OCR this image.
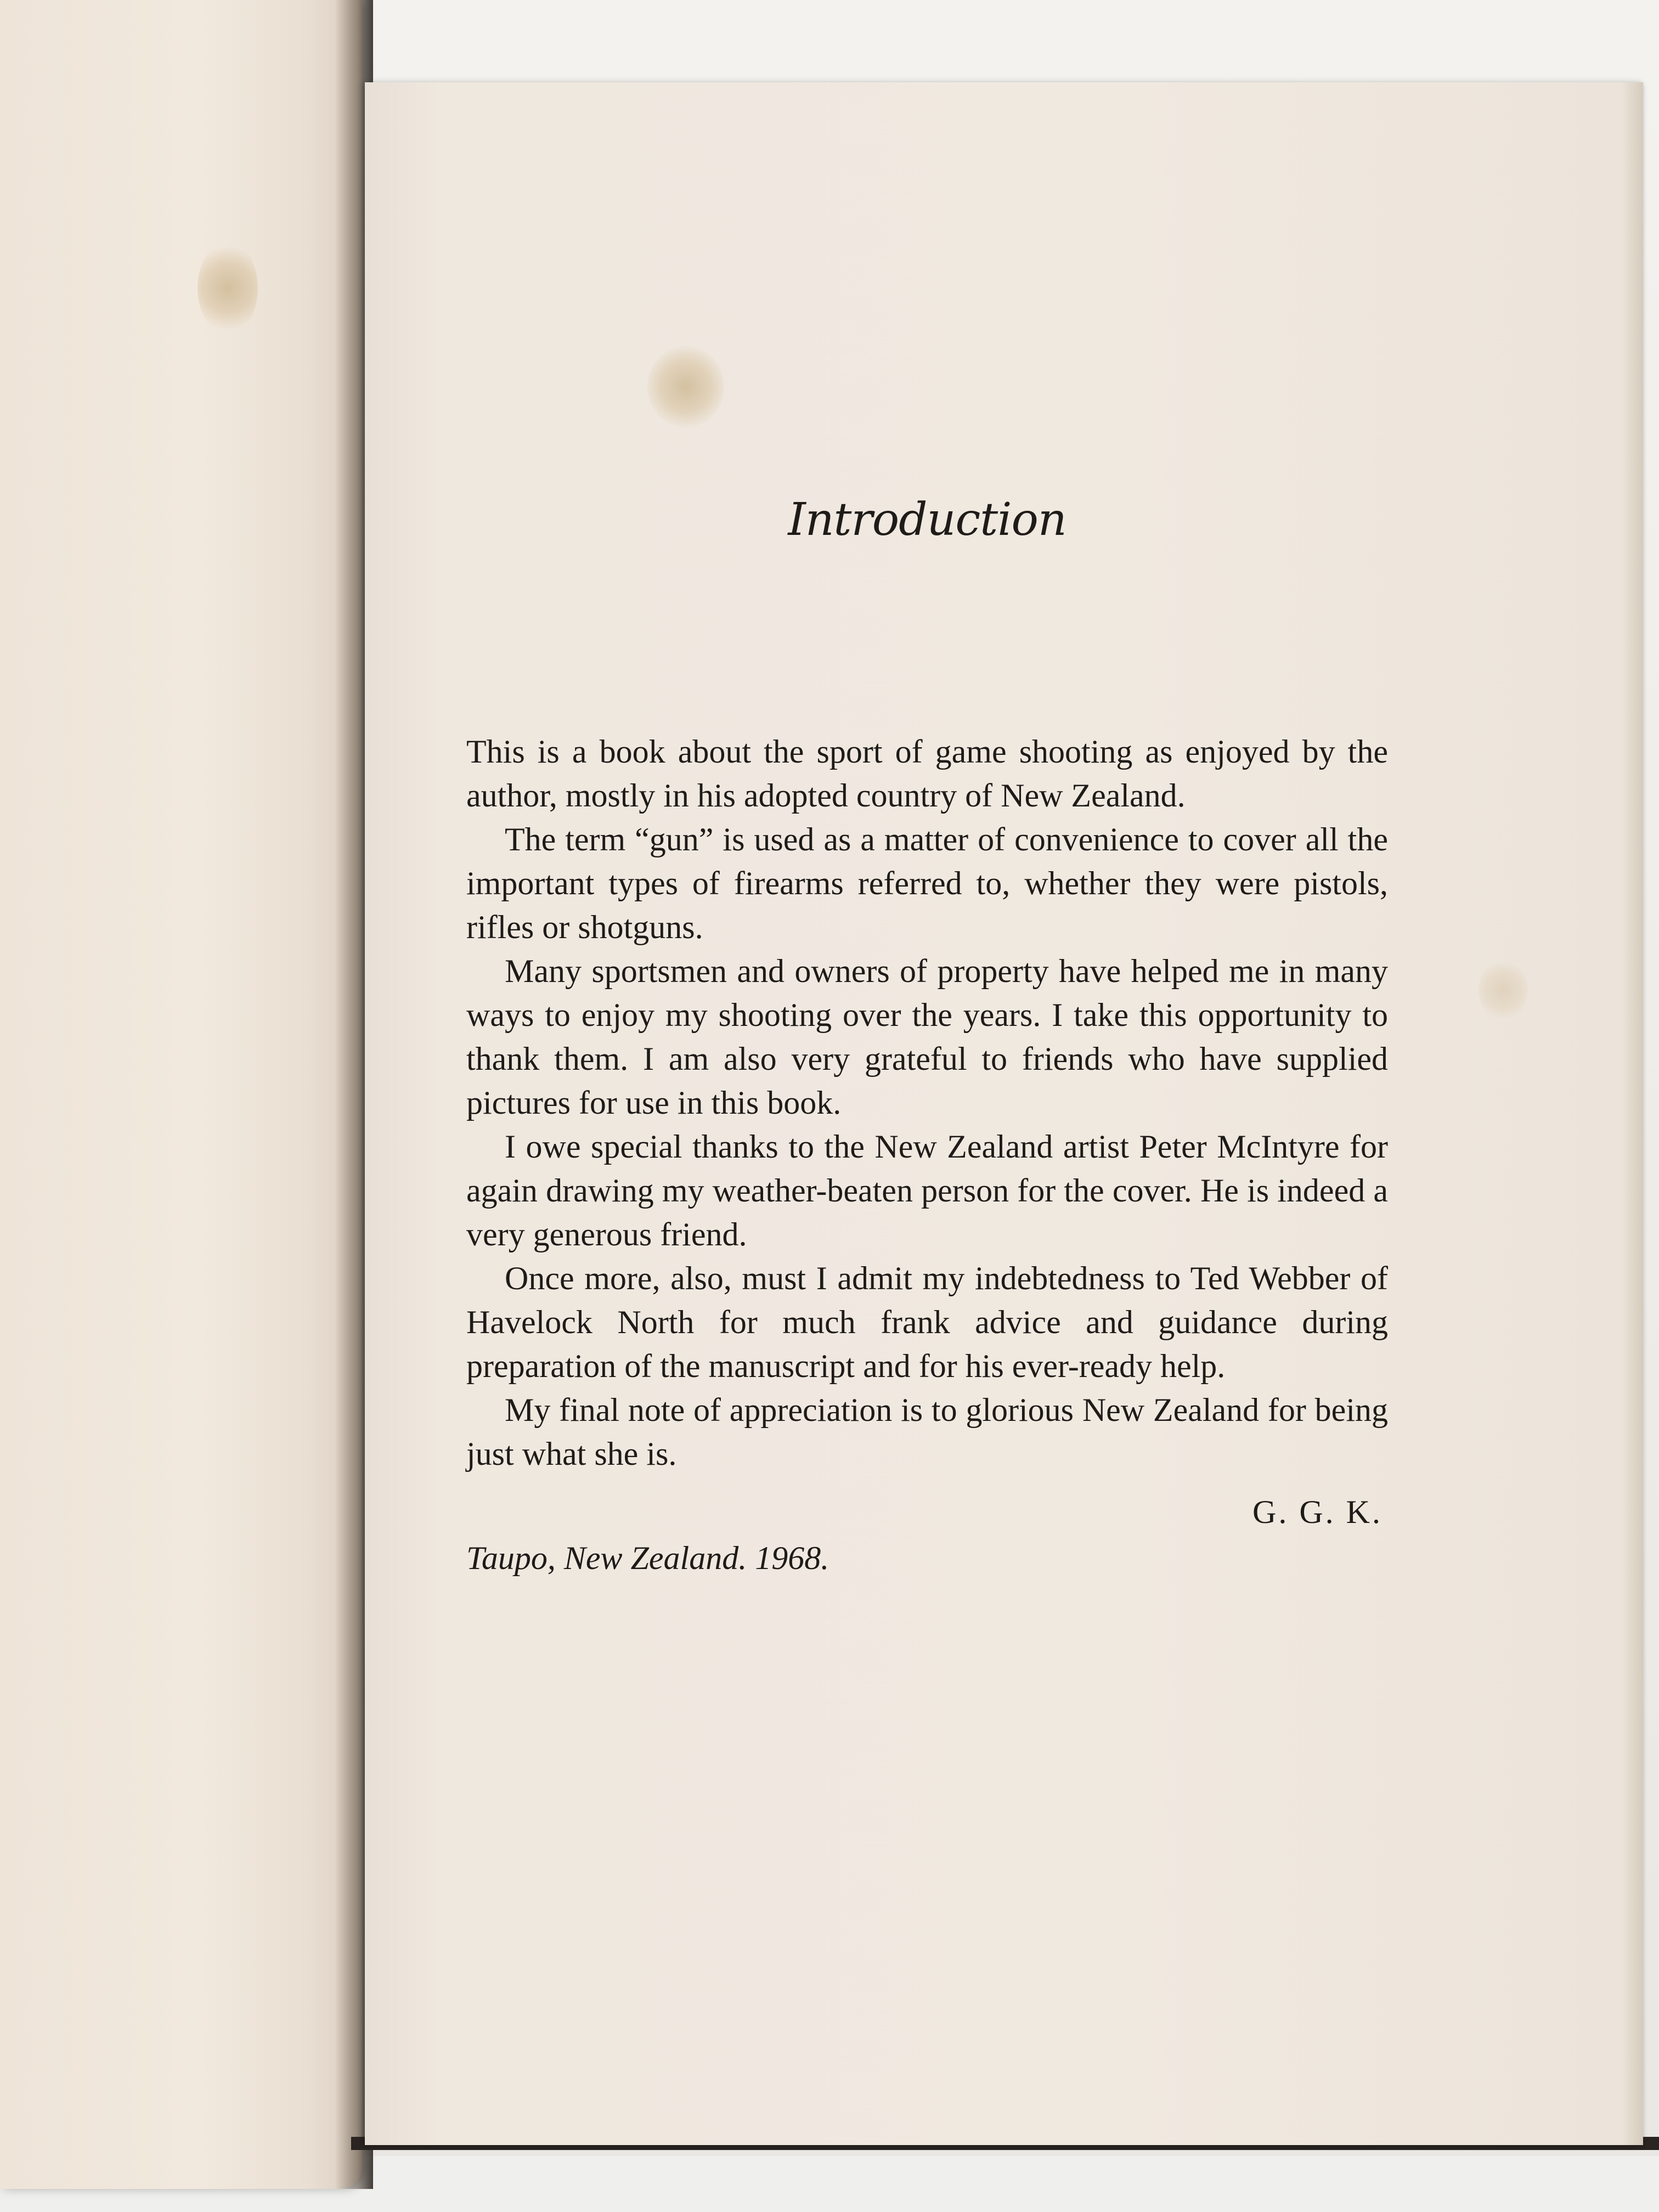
Introduction

This is a book about the sport of game shooting as enjoyed by the author, mostly in his adopted country of New Zealand.

The term “gun” is used as a matter of convenience to cover all the important types of firearms referred to, whether they were pistols, rifles or shotguns.

Many sportsmen and owners of property have helped me in many ways to enjoy my shooting over the years. I take this opportunity to thank them. I am also very grateful to friends who have supplied pictures for use in this book.

I owe special thanks to the New Zealand artist Peter McIntyre for again drawing my weather-beaten person for the cover. He is indeed a very generous friend.

Once more, also, must I admit my indebtedness to Ted Webber of Havelock North for much frank advice and guidance during preparation of the manuscript and for his ever-ready help.

My final note of appreciation is to glorious New Zealand for being just what she is.

G. G. K.

Taupo, New Zealand. 1968.
